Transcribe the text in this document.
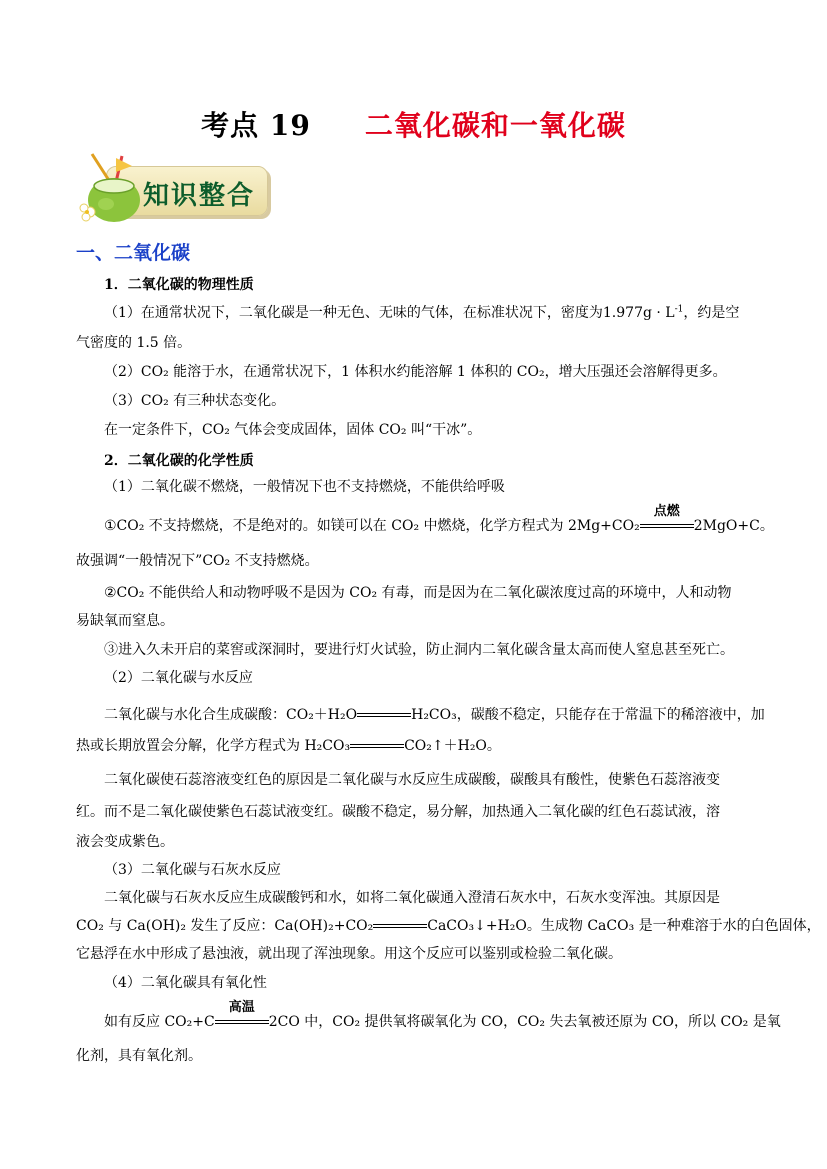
考点 19 二氧化碳和一氧化碳
知识整合
一、二氧化碳
1．二氧化碳的物理性质

（1）在通常状况下，二氧化碳是一种无色、无味的气体，在标准状况下，密度为$1.977g \cdot L^{-1}$，约是空

气密度的 1.5 倍。

（2）CO₂ 能溶于水，在通常状况下，1 体积水约能溶解 1 体积的 CO₂，增大压强还会溶解得更多。

（3）CO₂ 有三种状态变化。

在一定条件下，CO₂ 气体会变成固体，固体 CO₂ 叫“干冰”。

2．二氧化碳的化学性质

（1）二氧化碳不燃烧，一般情况下也不支持燃烧，不能供给呼吸

①CO₂ 不支持燃烧，不是绝对的。如镁可以在 CO₂ 中燃烧，化学方程式为 2Mg+CO₂
点燃
2MgO+C。

故强调“一般情况下”CO₂ 不支持燃烧。

②CO₂ 不能供给人和动物呼吸不是因为 CO₂ 有毒，而是因为在二氧化碳浓度过高的环境中，人和动物

易缺氧而窒息。

③进入久未开启的菜窖或深洞时，要进行灯火试验，防止洞内二氧化碳含量太高而使人窒息甚至死亡。

（2）二氧化碳与水反应

二氧化碳与水化合生成碳酸：CO₂＋H₂O	H₂CO₃，碳酸不稳定，只能存在于常温下的稀溶液中，加

热或长期放置会分解，化学方程式为 H₂CO₃	CO₂↑＋H₂O。

二氧化碳使石蕊溶液变红色的原因是二氧化碳与水反应生成碳酸，碳酸具有酸性，使紫色石蕊溶液变

红。而不是二氧化碳使紫色石蕊试液变红。碳酸不稳定，易分解，加热通入二氧化碳的红色石蕊试液，溶

液会变成紫色。

（3）二氧化碳与石灰水反应

二氧化碳与石灰水反应生成碳酸钙和水，如将二氧化碳通入澄清石灰水中，石灰水变浑浊。其原因是

CO₂ 与 Ca(OH)₂ 发生了反应：Ca(OH)₂+CO₂	CaCO₃↓+H₂O。生成物 CaCO₃ 是一种难溶于水的白色固体，

它悬浮在水中形成了悬浊液，就出现了浑浊现象。用这个反应可以鉴别或检验二氧化碳。

（4）二氧化碳具有氧化性

如有反应 CO₂+C
高温
2CO 中，CO₂ 提供氧将碳氧化为 CO，CO₂ 失去氧被还原为 CO，所以 CO₂ 是氧

化剂，具有氧化剂。
